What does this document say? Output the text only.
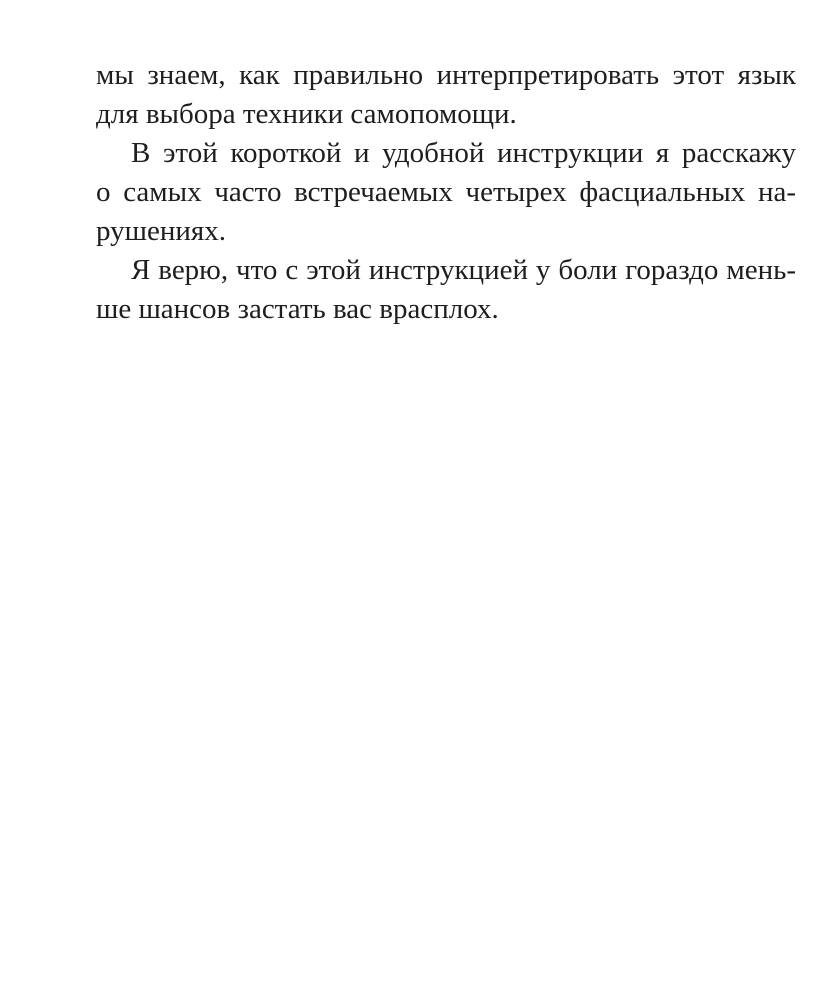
мы знаем, как правильно интерпретировать этот язык
для выбора техники самопомощи.
В этой короткой и удобной инструкции я расскажу
о самых часто встречаемых четырех фасциальных на-
рушениях.
Я верю, что с этой инструкцией у боли гораздо мень-
ше шансов застать вас врасплох.
